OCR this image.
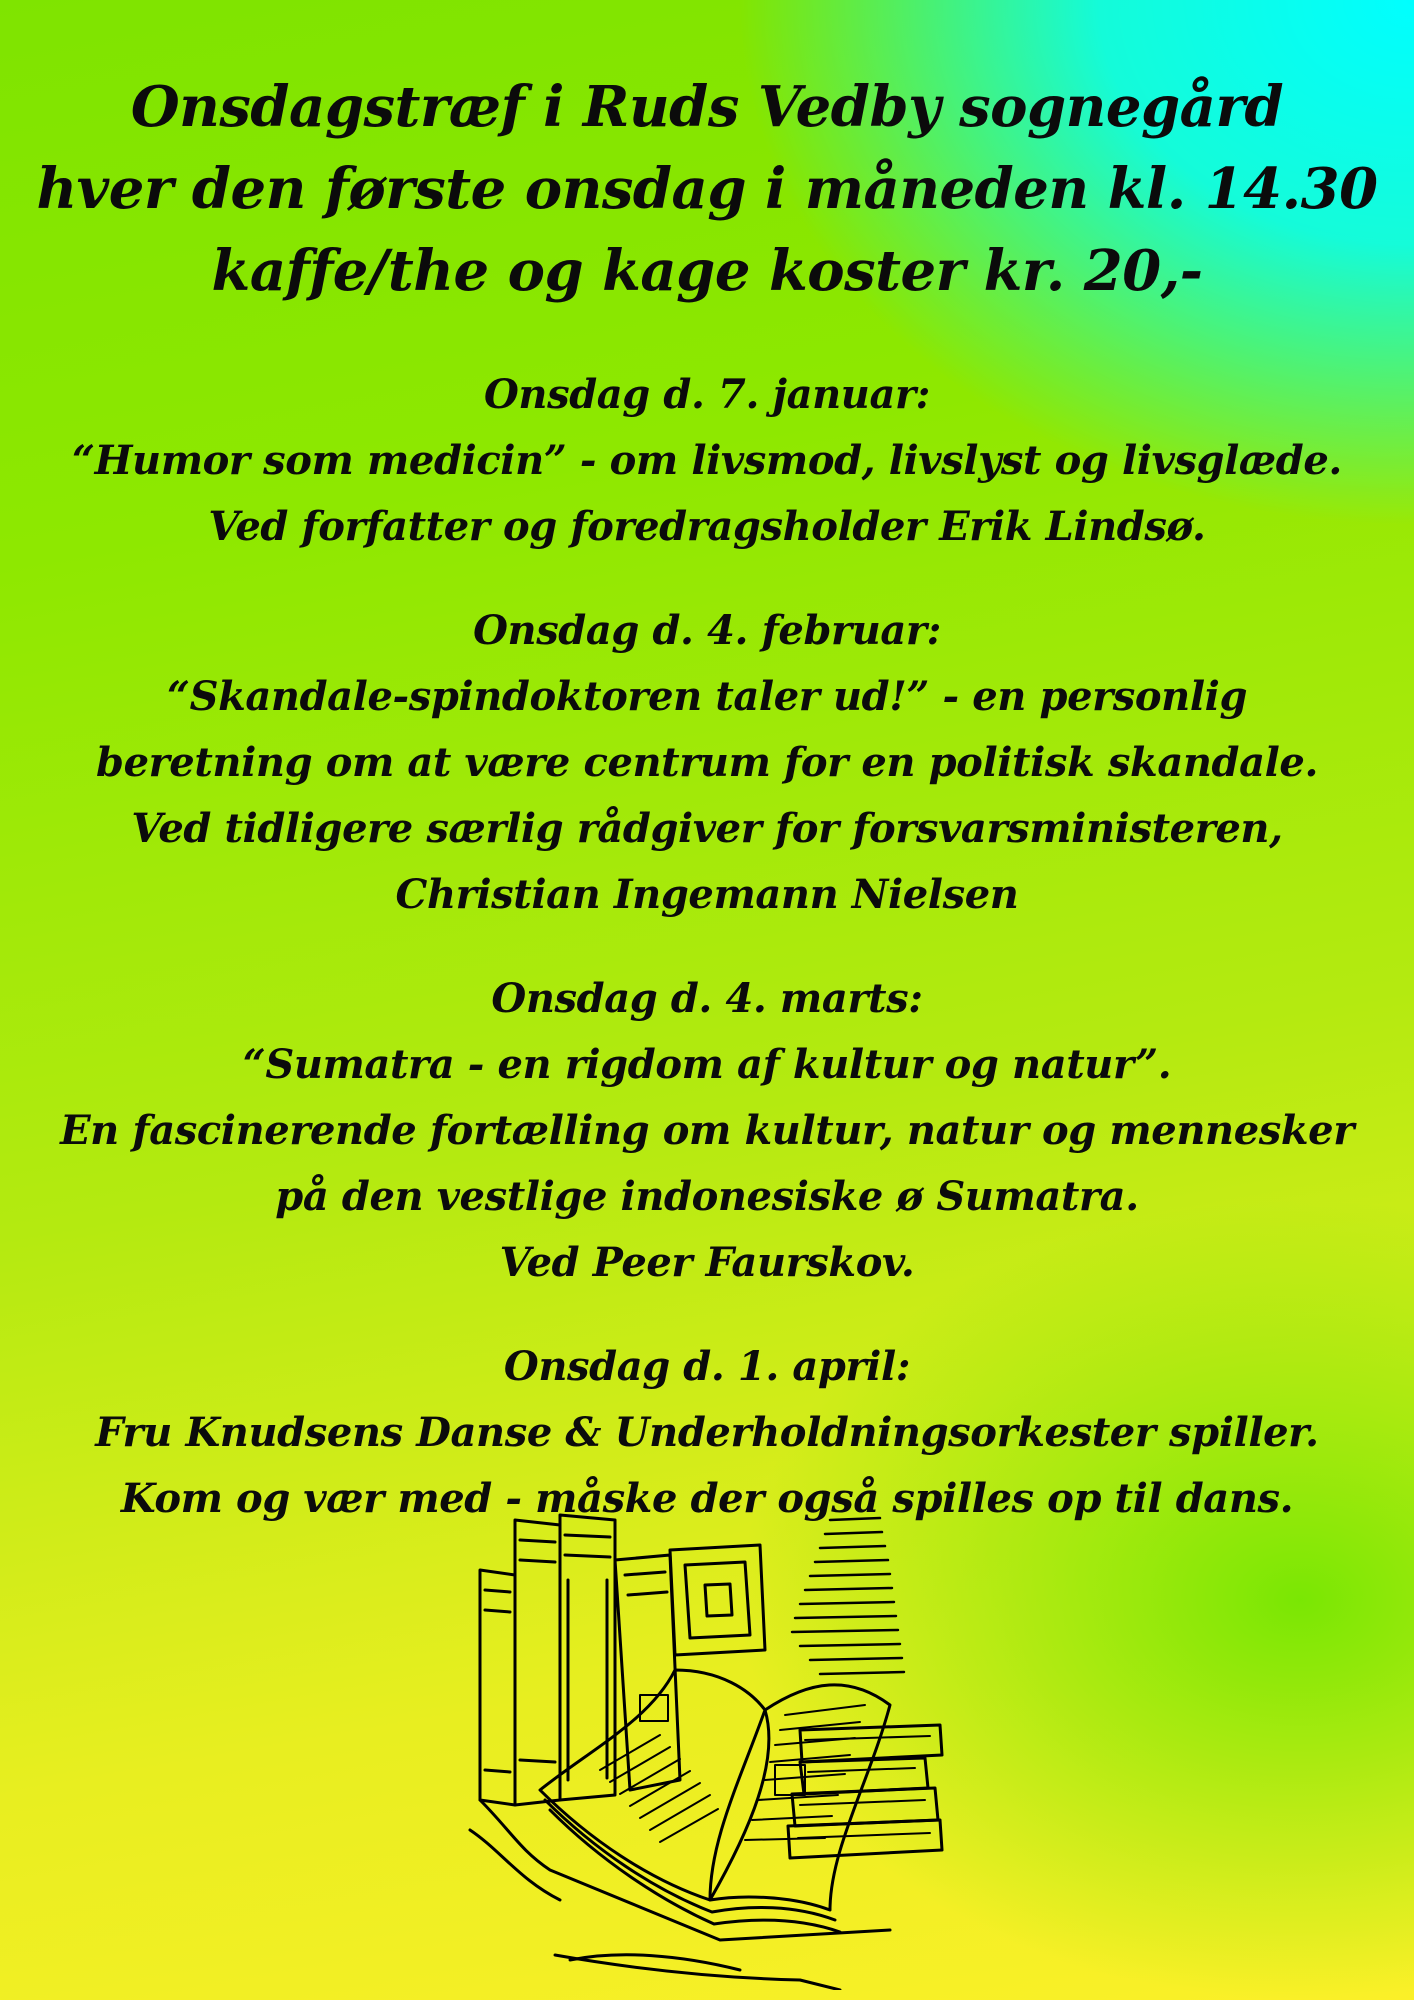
Onsdagstræf i Ruds Vedby sognegård
hver den første onsdag i måneden kl. 14.30
kaffe/the og kage koster kr. 20,-
Onsdag d. 7. januar:
“Humor som medicin” - om livsmod, livslyst og livsglæde.
Ved forfatter og foredragsholder Erik Lindsø.
Onsdag d. 4. februar:
“Skandale-spindoktoren taler ud!” - en personlig
beretning om at være centrum for en politisk skandale.
Ved tidligere særlig rådgiver for forsvarsministeren,
Christian Ingemann Nielsen
Onsdag d. 4. marts:
“Sumatra - en rigdom af kultur og natur”.
En fascinerende fortælling om kultur, natur og mennesker
på den vestlige indonesiske ø Sumatra.
Ved Peer Faurskov.
Onsdag d. 1. april:
Fru Knudsens Danse & Underholdningsorkester spiller.
Kom og vær med - måske der også spilles op til dans.
